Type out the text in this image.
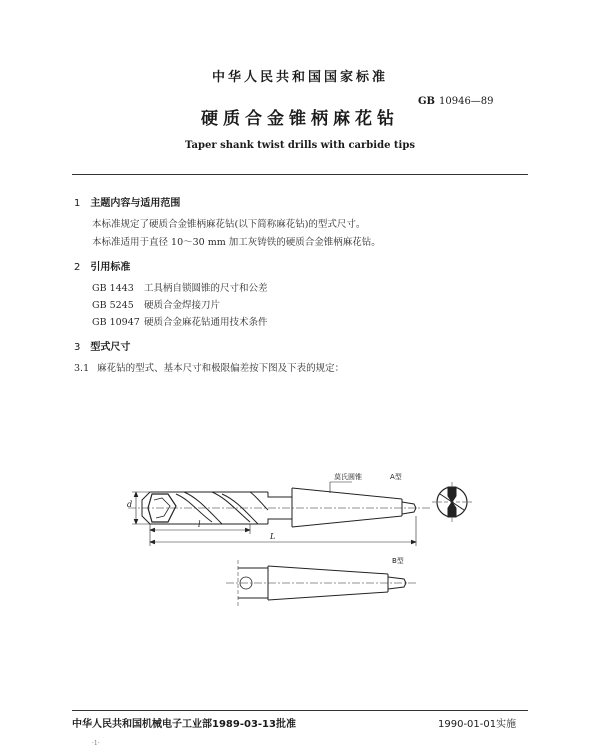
中华人民共和国国家标准
GB 10946—89
硬质合金锥柄麻花钻
Taper shank twist drills with carbide tips
1 主题内容与适用范围
本标准规定了硬质合金锥柄麻花钻(以下简称麻花钻)的型式尺寸。
本标准适用于直径 10～30 mm 加工灰铸铁的硬质合金锥柄麻花钻。
2 引用标准
GB 1443 工具柄自锁圆锥的尺寸和公差
GB 5245 硬质合金焊接刀片
GB 10947 硬质合金麻花钻通用技术条件
3 型式尺寸
3.1 麻花钻的型式、基本尺寸和极限偏差按下图及下表的规定：
莫氏圆锥	A型
d
l
L
B型
中华人民共和国机械电子工业部1989-03-13批准	1990-01-01实施
·1·
